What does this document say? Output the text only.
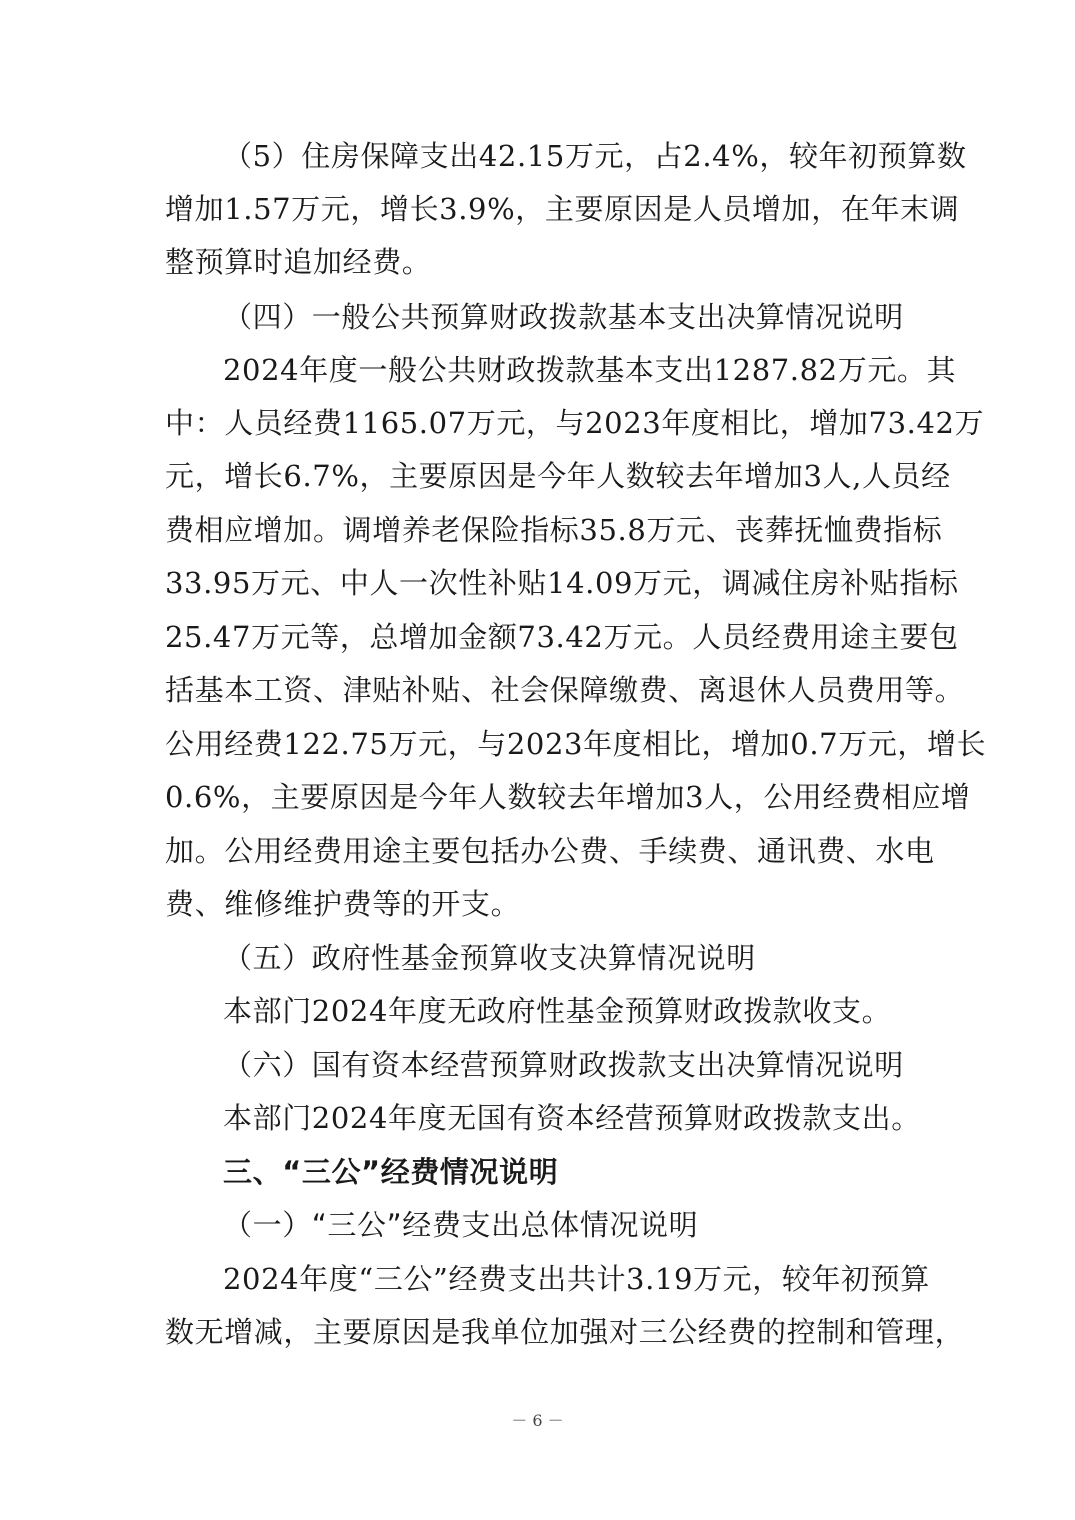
（5）住房保障支出42.15万元，占2.4%，较年初预算数
增加1.57万元，增长3.9%，主要原因是人员增加，在年末调
整预算时追加经费。
（四）一般公共预算财政拨款基本支出决算情况说明
2024年度一般公共财政拨款基本支出1287.82万元。其
中：人员经费1165.07万元，与2023年度相比，增加73.42万
元，增长6.7%，主要原因是今年人数较去年增加3人,人员经
费相应增加。调增养老保险指标35.8万元、丧葬抚恤费指标
33.95万元、中人一次性补贴14.09万元，调减住房补贴指标
25.47万元等，总增加金额73.42万元。人员经费用途主要包
括基本工资、津贴补贴、社会保障缴费、离退休人员费用等。
公用经费122.75万元，与2023年度相比，增加0.7万元，增长
0.6%，主要原因是今年人数较去年增加3人，公用经费相应增
加。公用经费用途主要包括办公费、手续费、通讯费、水电
费、维修维护费等的开支。
（五）政府性基金预算收支决算情况说明
本部门2024年度无政府性基金预算财政拨款收支。
（六）国有资本经营预算财政拨款支出决算情况说明
本部门2024年度无国有资本经营预算财政拨款支出。
三、“三公”经费情况说明
（一）“三公”经费支出总体情况说明
2024年度“三公”经费支出共计3.19万元，较年初预算
数无增减，主要原因是我单位加强对三公经费的控制和管理，
－ 6 －
